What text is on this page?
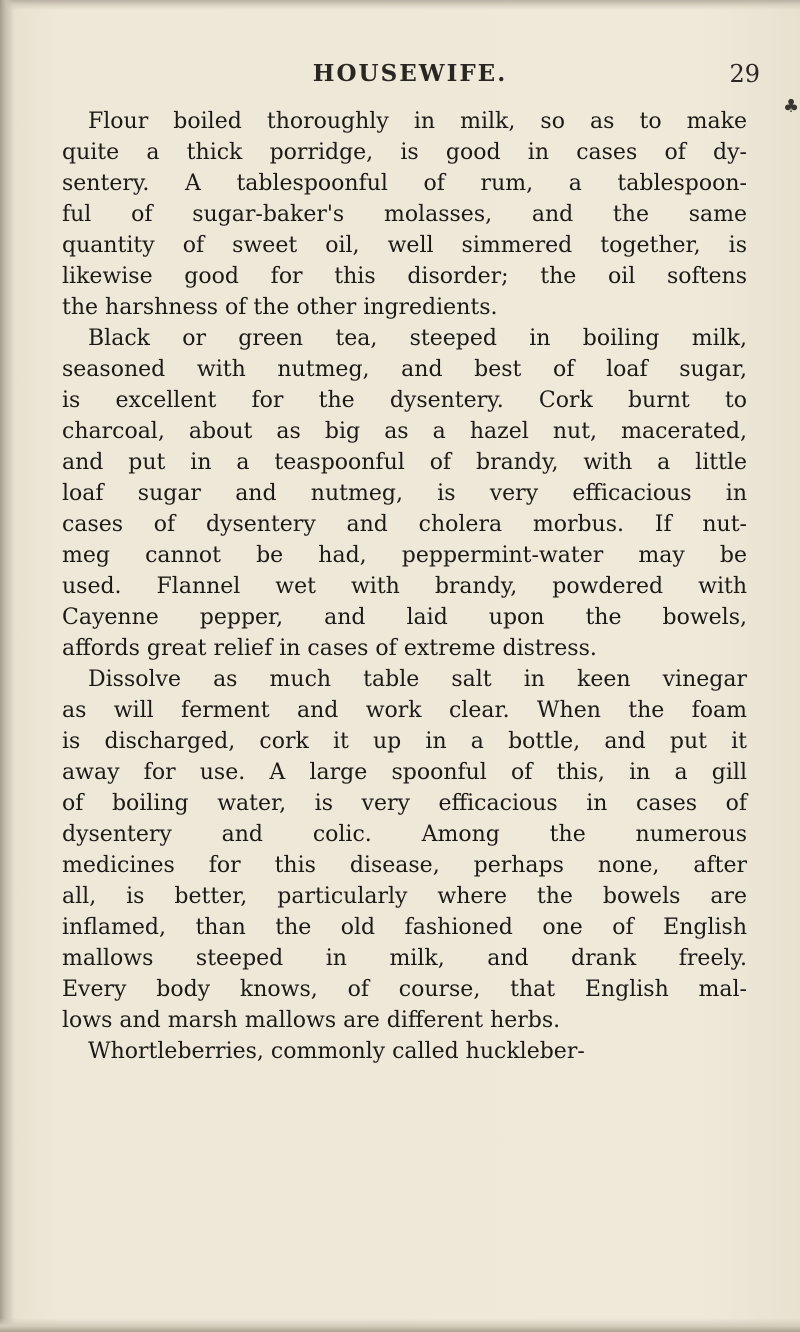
HOUSEWIFE.	29
♣
Flour boiled thoroughly in milk, so as to make
quite a thick porridge, is good in cases of dy-
sentery. A tablespoonful of rum, a tablespoon-
ful of sugar-baker's molasses, and the same
quantity of sweet oil, well simmered together, is
likewise good for this disorder; the oil softens
the harshness of the other ingredients.
Black or green tea, steeped in boiling milk,
seasoned with nutmeg, and best of loaf sugar,
is excellent for the dysentery. Cork burnt to
charcoal, about as big as a hazel nut, macerated,
and put in a teaspoonful of brandy, with a little
loaf sugar and nutmeg, is very efficacious in
cases of dysentery and cholera morbus. If nut-
meg cannot be had, peppermint-water may be
used. Flannel wet with brandy, powdered with
Cayenne pepper, and laid upon the bowels,
affords great relief in cases of extreme distress.
Dissolve as much table salt in keen vinegar
as will ferment and work clear. When the foam
is discharged, cork it up in a bottle, and put it
away for use. A large spoonful of this, in a gill
of boiling water, is very efficacious in cases of
dysentery and colic. Among the numerous
medicines for this disease, perhaps none, after
all, is better, particularly where the bowels are
inflamed, than the old fashioned one of English
mallows steeped in milk, and drank freely.
Every body knows, of course, that English mal-
lows and marsh mallows are different herbs.
Whortleberries, commonly called huckleber-
